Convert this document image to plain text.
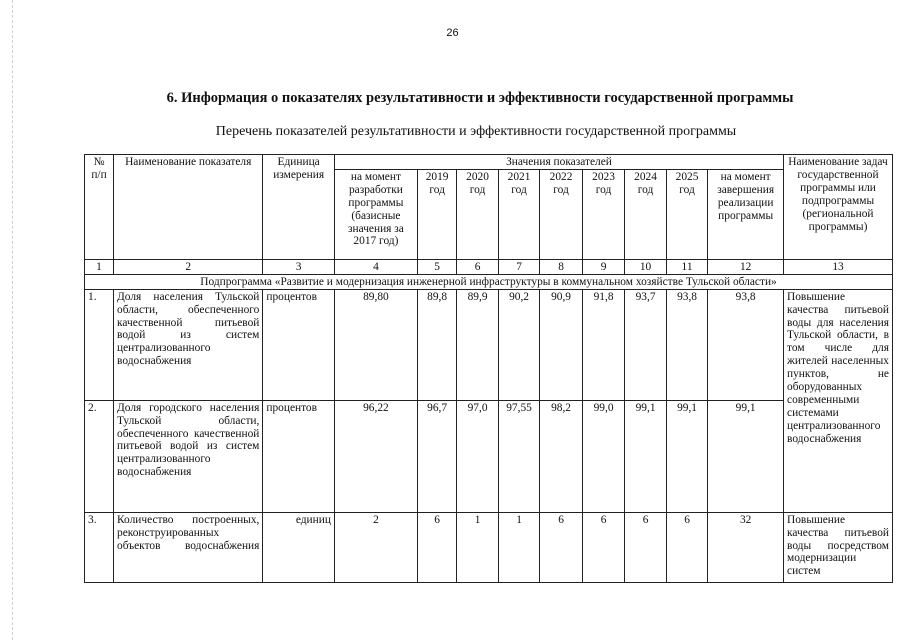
26
6. Информация о показателях результативности и эффективности государственной программы
Перечень показателей результативности и эффективности государственной программы
№ п/п	Наименование показателя	Единица измерения	Значения показателей									Наименование задач государственной программы или подпрограммы (региональной программы)
			на момент разработки программы (базисные значения за 2017 год)	2019 год	2020 год	2021 год	2022 год	2023 год	2024 год	2025 год	на момент завершения реализации программы	
1	2	3	4	5	6	7	8	9	10	11	12	13
Подпрограмма «Развитие и модернизация инженерной инфраструктуры в коммунальном хозяйстве Тульской области»												
1.	Доля населения Тульской области, обеспеченного качественной питьевой водой из систем централизованного водоснабжения	процентов	89,80	89,8	89,9	90,2	90,9	91,8	93,7	93,8	93,8	Повышение качества питьевой воды для населения Тульской области, в том числе для жителей населенных пунктов, не оборудованных современными системами централизованного водоснабжения
2.	Доля городского населения Тульской области, обеспеченного качественной питьевой водой из систем централизованного водоснабжения	процентов	96,22	96,7	97,0	97,55	98,2	99,0	99,1	99,1	99,1	
3.	Количество построенных, реконструированных объектов водоснабжения	единиц	2	6	1	1	6	6	6	6	32	Повышение качества питьевой воды посредством модернизации систем
